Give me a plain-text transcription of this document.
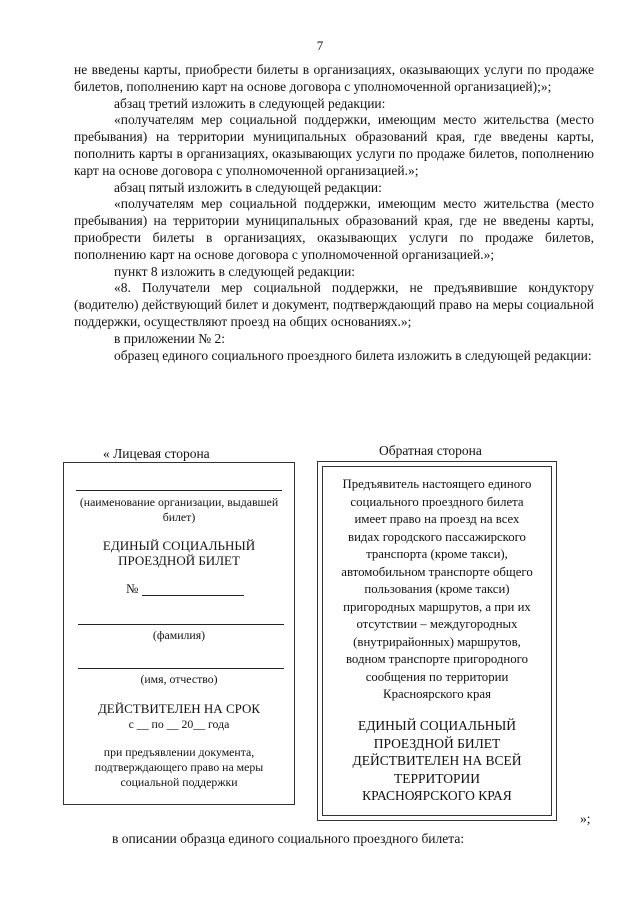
7

не введены карты, приобрести билеты в организациях, оказывающих услуги по продаже билетов, пополнению карт на основе договора с уполномоченной организацией);»;

абзац третий изложить в следующей редакции:

«получателям мер социальной поддержки, имеющим место жительства (место пребывания) на территории муниципальных образований края, где введены карты, пополнить карты в организациях, оказывающих услуги по продаже билетов, пополнению карт на основе договора с уполномоченной организацией.»;

абзац пятый изложить в следующей редакции:

«получателям мер социальной поддержки, имеющим место жительства (место пребывания) на территории муниципальных образований края, где не введены карты, приобрести билеты в организациях, оказывающих услуги по продаже билетов, пополнению карт на основе договора с уполномоченной организацией.»;

пункт 8 изложить в следующей редакции:

«8. Получатели мер социальной поддержки, не предъявившие кондуктору (водителю) действующий билет и документ, подтверждающий право на меры социальной поддержки, осуществляют проезд на общих основаниях.»;

в приложении № 2:

образец единого социального проездного билета изложить в следующей редакции:

« Лицевая сторона	Обратная сторона
(наименование организации, выдавшей билет)
ЕДИНЫЙ СОЦИАЛЬНЫЙ
ПРОЕЗДНОЙ БИЛЕТ
№
(фамилия)
(имя, отчество)
ДЕЙСТВИТЕЛЕН НА СРОК
с __ по __ 20__ года
при предъявлении документа,
подтверждающего право на меры
социальной поддержки
Предъявитель настоящего единого
социального проездного билета
имеет право на проезд на всех
видах городского пассажирского
транспорта (кроме такси),
автомобильном транспорте общего
пользования (кроме такси)
пригородных маршрутов, а при их
отсутствии – междугородных
(внутрирайонных) маршрутов,
водном транспорте пригородного
сообщения по территории
Красноярского края
ЕДИНЫЙ СОЦИАЛЬНЫЙ
ПРОЕЗДНОЙ БИЛЕТ
ДЕЙСТВИТЕЛЕН НА ВСЕЙ
ТЕРРИТОРИИ
КРАСНОЯРСКОГО КРАЯ
»;
в описании образца единого социального проездного билета:
